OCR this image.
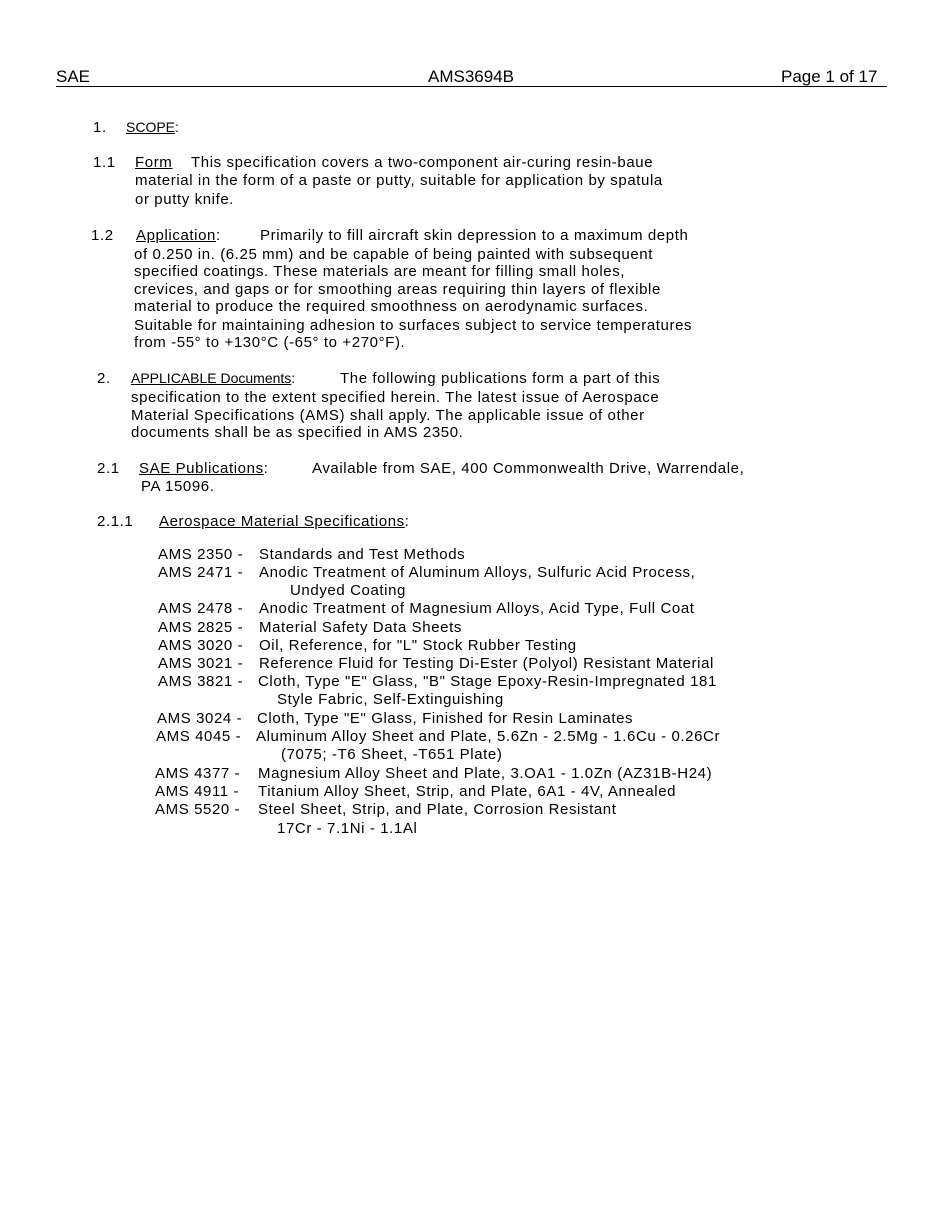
SAE	AMS3694B	Page 1 of 17
1. SCOPE:
1.1 Form This specification covers a two-component air-curing resin-baue
material in the form of a paste or putty, suitable for application by spatula
or putty knife.
1.2 Application:	Primarily to fill aircraft skin depression to a maximum depth
of 0.250 in. (6.25 mm) and be capable of being painted with subsequent
specified coatings. These materials are meant for filling small holes,
crevices, and gaps or for smoothing areas requiring thin layers of flexible
material to produce the required smoothness on aerodynamic surfaces.
Suitable for maintaining adhesion to surfaces subject to service temperatures
from -55° to +130°C (-65° to +270°F).
2. APPLICABLE Documents:	The following publications form a part of this
specification to the extent specified herein. The latest issue of Aerospace
Material Specifications (AMS) shall apply. The applicable issue of other
documents shall be as specified in AMS 2350.
2.1 SAE Publications:	Available from SAE, 400 Commonwealth Drive, Warrendale,
PA 15096.
2.1.1 Aerospace Material Specifications:
AMS 2350 - Standards and Test Methods
AMS 2471 - Anodic Treatment of Aluminum Alloys, Sulfuric Acid Process,
Undyed Coating
AMS 2478 - Anodic Treatment of Magnesium Alloys, Acid Type, Full Coat
AMS 2825 - Material Safety Data Sheets
AMS 3020 - Oil, Reference, for "L" Stock Rubber Testing
AMS 3021 - Reference Fluid for Testing Di-Ester (Polyol) Resistant Material
AMS 3821 - Cloth, Type "E" Glass, "B" Stage Epoxy-Resin-Impregnated 181
Style Fabric, Self-Extinguishing
AMS 3024 - Cloth, Type "E" Glass, Finished for Resin Laminates
AMS 4045 - Aluminum Alloy Sheet and Plate, 5.6Zn - 2.5Mg - 1.6Cu - 0.26Cr
(7075; -T6 Sheet, -T651 Plate)
AMS 4377 - Magnesium Alloy Sheet and Plate, 3.OA1 - 1.0Zn (AZ31B-H24)
AMS 4911 - Titanium Alloy Sheet, Strip, and Plate, 6A1 - 4V, Annealed
AMS 5520 - Steel Sheet, Strip, and Plate, Corrosion Resistant
17Cr - 7.1Ni - 1.1Al
